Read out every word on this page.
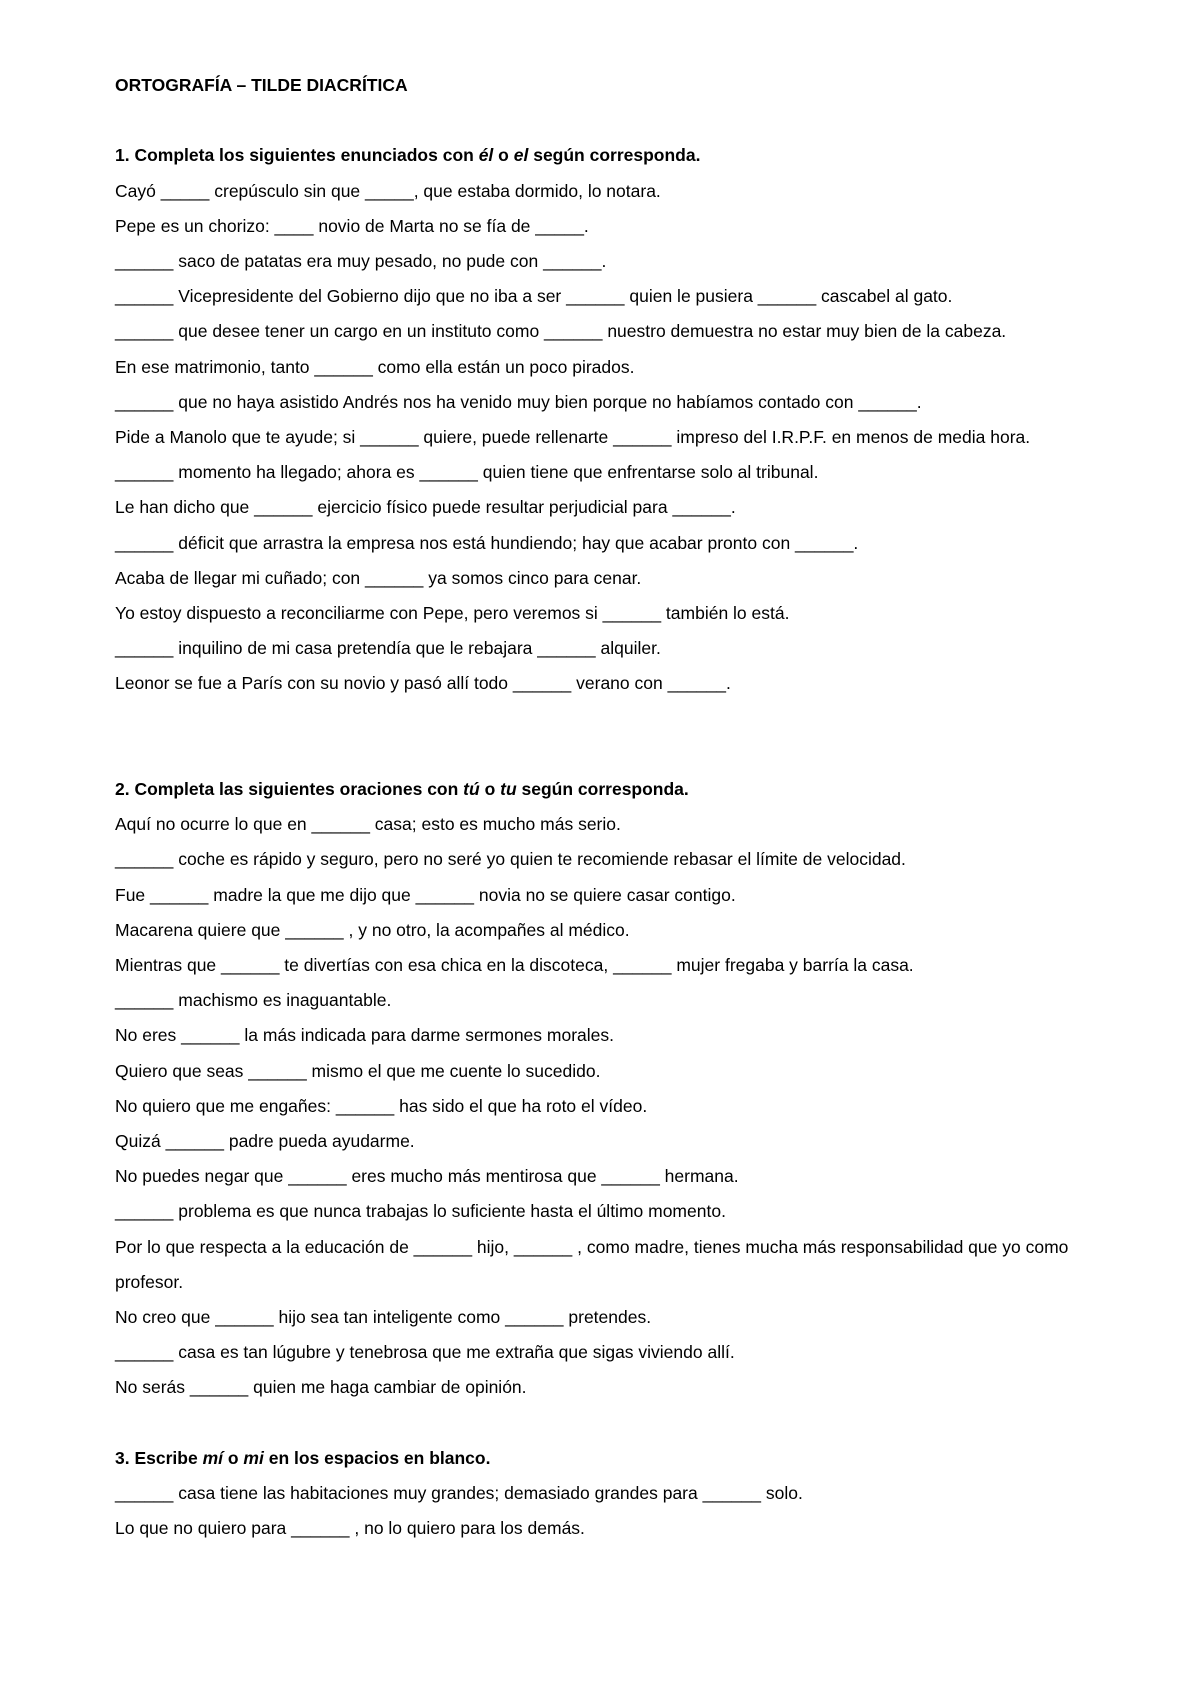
ORTOGRAFÍA – TILDE DIACRÍTICA
1. Completa los siguientes enunciados con él o el según corresponda.
Cayó _____ crepúsculo sin que _____, que estaba dormido, lo notara.
Pepe es un chorizo: ____ novio de Marta no se fía de _____.
______ saco de patatas era muy pesado, no pude con ______.
______ Vicepresidente del Gobierno dijo que no iba a ser ______ quien le pusiera ______ cascabel al gato.
______ que desee tener un cargo en un instituto como ______ nuestro demuestra no estar muy bien de la cabeza.
En ese matrimonio, tanto ______ como ella están un poco pirados.
______ que no haya asistido Andrés nos ha venido muy bien porque no habíamos contado con ______.
Pide a Manolo que te ayude; si ______ quiere, puede rellenarte ______ impreso del I.R.P.F. en menos de media hora.
______ momento ha llegado; ahora es ______ quien tiene que enfrentarse solo al tribunal.
Le han dicho que ______ ejercicio físico puede resultar perjudicial para ______.
______ déficit que arrastra la empresa nos está hundiendo; hay que acabar pronto con ______.
Acaba de llegar mi cuñado; con ______ ya somos cinco para cenar.
Yo estoy dispuesto a reconciliarme con Pepe, pero veremos si ______ también lo está.
______ inquilino de mi casa pretendía que le rebajara ______ alquiler.
Leonor se fue a París con su novio y pasó allí todo ______ verano con ______.
2. Completa las siguientes oraciones con tú o tu según corresponda.
Aquí no ocurre lo que en ______ casa; esto es mucho más serio.
______ coche es rápido y seguro, pero no seré yo quien te recomiende rebasar el límite de velocidad.
Fue ______ madre la que me dijo que ______ novia no se quiere casar contigo.
Macarena quiere que ______ , y no otro, la acompañes al médico.
Mientras que ______ te divertías con esa chica en la discoteca, ______ mujer fregaba y barría la casa.
______ machismo es inaguantable.
No eres ______ la más indicada para darme sermones morales.
Quiero que seas ______ mismo el que me cuente lo sucedido.
No quiero que me engañes: ______ has sido el que ha roto el vídeo.
Quizá ______ padre pueda ayudarme.
No puedes negar que ______ eres mucho más mentirosa que ______ hermana.
______ problema es que nunca trabajas lo suficiente hasta el último momento.
Por lo que respecta a la educación de ______ hijo, ______ , como madre, tienes mucha más responsabilidad que yo como profesor.
No creo que ______ hijo sea tan inteligente como ______ pretendes.
______ casa es tan lúgubre y tenebrosa que me extraña que sigas viviendo allí.
No serás ______ quien me haga cambiar de opinión.
3. Escribe mí o mi en los espacios en blanco.
______ casa tiene las habitaciones muy grandes; demasiado grandes para ______ solo.
Lo que no quiero para ______ , no lo quiero para los demás.
